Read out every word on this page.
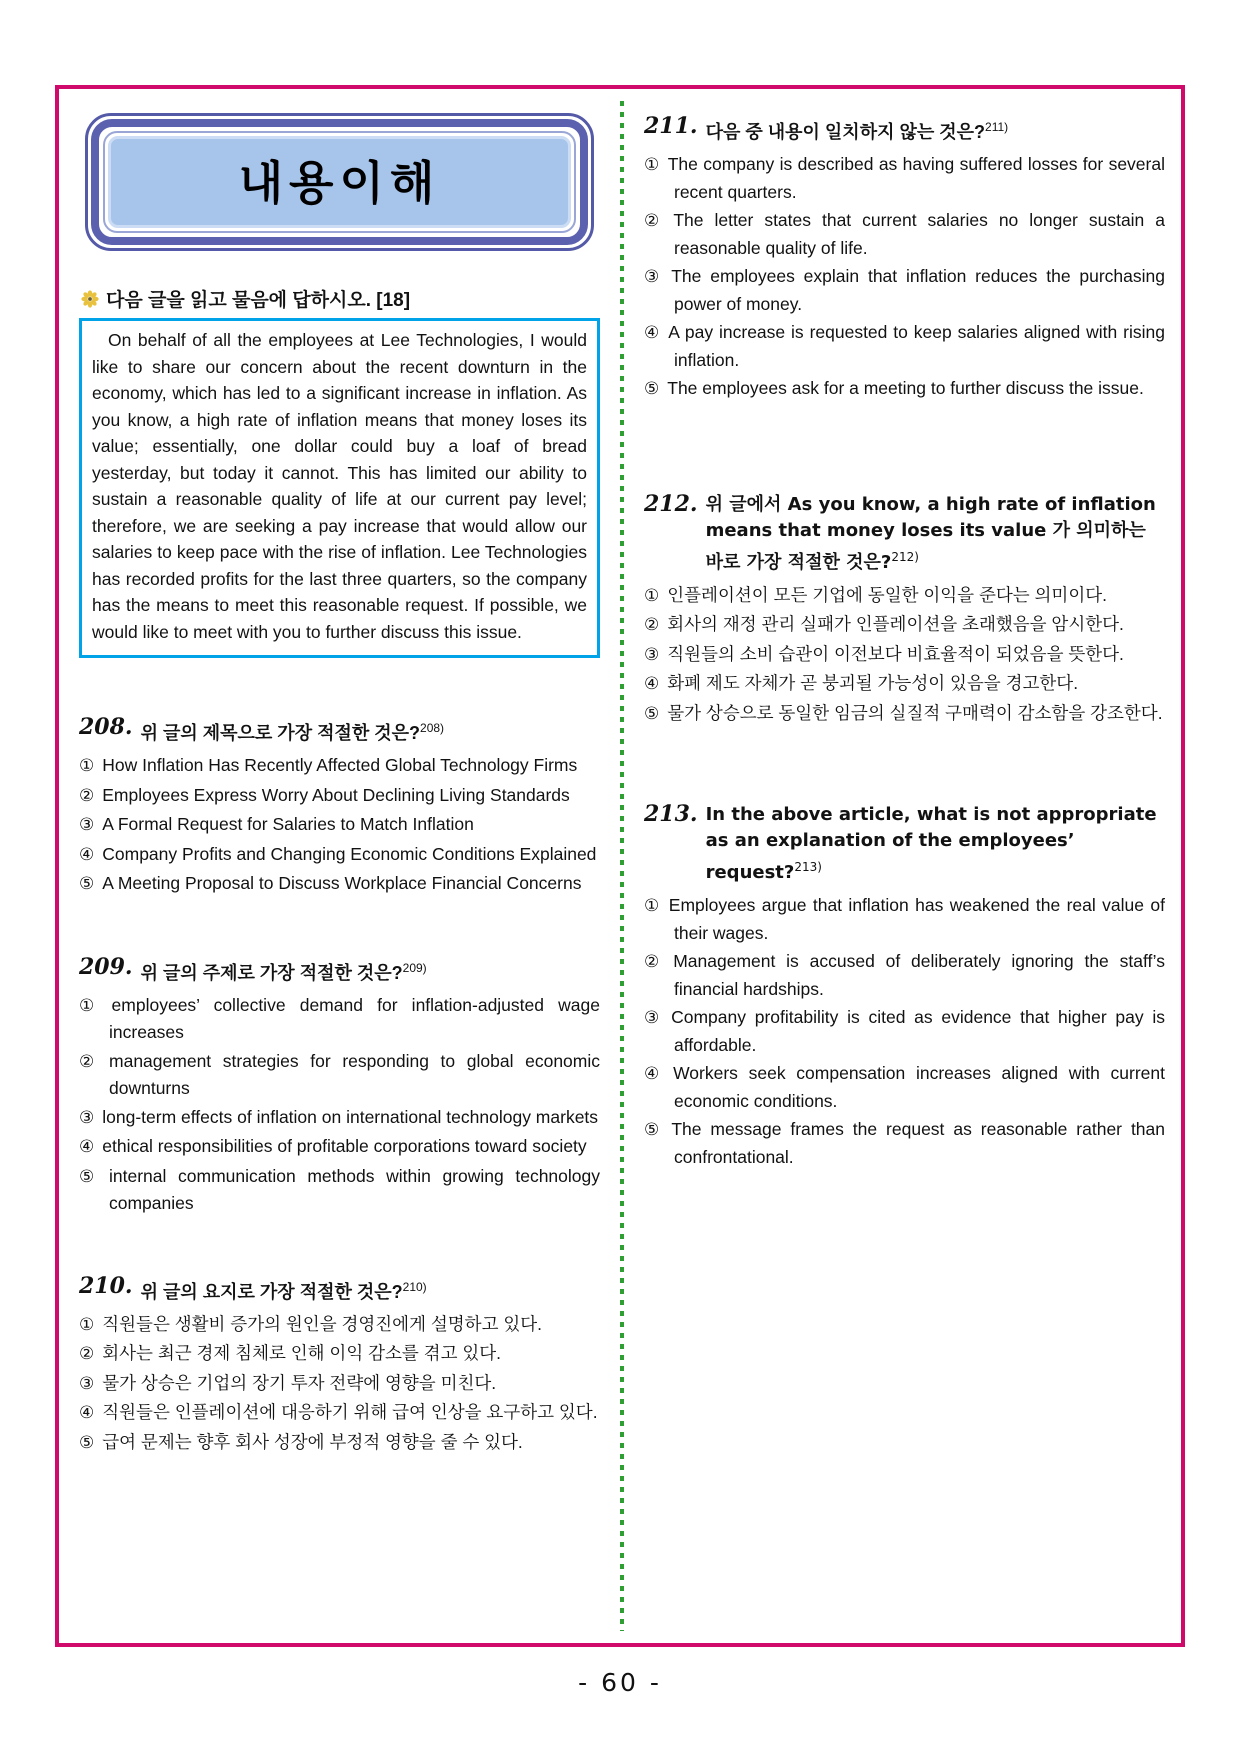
내용이해
다음 글을 읽고 물음에 답하시오. [18]

On behalf of all the employees at Lee Technologies, I would like to share our concern about the recent downturn in the economy, which has led to a significant increase in inflation. As you know, a high rate of inflation means that money loses its value; essentially, one dollar could buy a loaf of bread yesterday, but today it cannot. This has limited our ability to sustain a reasonable quality of life at our current pay level; therefore, we are seeking a pay increase that would allow our salaries to keep pace with the rise of inflation. Lee Technologies has recorded profits for the last three quarters, so the company has the means to meet this reasonable request. If possible, we would like to meet with you to further discuss this issue.

208. 위 글의 제목으로 가장 적절한 것은?$^{208)}$
① How Inflation Has Recently Affected Global Technology Firms
② Employees Express Worry About Declining Living Standards
③ A Formal Request for Salaries to Match Inflation
④ Company Profits and Changing Economic Conditions Explained
⑤ A Meeting Proposal to Discuss Workplace Financial Concerns
209. 위 글의 주제로 가장 적절한 것은?$^{209)}$
① employees’ collective demand for inflation-adjusted wage increases
② management strategies for responding to global economic downturns
③ long-term effects of inflation on international technology markets
④ ethical responsibilities of profitable corporations toward society
⑤ internal communication methods within growing technology companies
210. 위 글의 요지로 가장 적절한 것은?$^{210)}$
① 직원들은 생활비 증가의 원인을 경영진에게 설명하고 있다.
② 회사는 최근 경제 침체로 인해 이익 감소를 겪고 있다.
③ 물가 상승은 기업의 장기 투자 전략에 영향을 미친다.
④ 직원들은 인플레이션에 대응하기 위해 급여 인상을 요구하고 있다.
⑤ 급여 문제는 향후 회사 성장에 부정적 영향을 줄 수 있다.
211. 다음 중 내용이 일치하지 않는 것은?$^{211)}$
① The company is described as having suffered losses for several recent quarters.
② The letter states that current salaries no longer sustain a reasonable quality of life.
③ The employees explain that inflation reduces the purchasing power of money.
④ A pay increase is requested to keep salaries aligned with rising inflation.
⑤ The employees ask for a meeting to further discuss the issue.
212. 위 글에서 As you know, a high rate of inflation means that money loses its value 가 의미하는 바로 가장 적절한 것은?$^{212)}$
① 인플레이션이 모든 기업에 동일한 이익을 준다는 의미이다.
② 회사의 재정 관리 실패가 인플레이션을 초래했음을 암시한다.
③ 직원들의 소비 습관이 이전보다 비효율적이 되었음을 뜻한다.
④ 화폐 제도 자체가 곧 붕괴될 가능성이 있음을 경고한다.
⑤ 물가 상승으로 동일한 임금의 실질적 구매력이 감소함을 강조한다.
213. In the above article, what is not appropriate as an explanation of the employees’ request?$^{213)}$
① Employees argue that inflation has weakened the real value of their wages.
② Management is accused of deliberately ignoring the staff’s financial hardships.
③ Company profitability is cited as evidence that higher pay is affordable.
④ Workers seek compensation increases aligned with current economic conditions.
⑤ The message frames the request as reasonable rather than confrontational.
- 60 -
